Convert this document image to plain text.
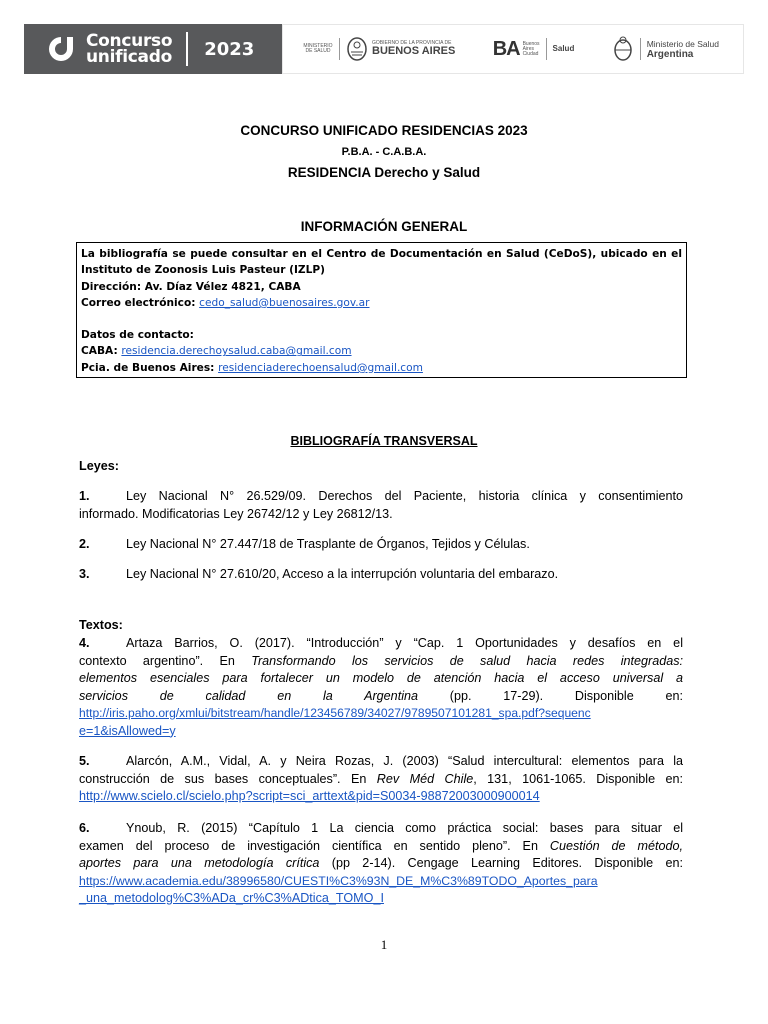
Concurso
unificado 2023	MINISTERIO DE SALUD
GOBIERNO DE LA PROVINCIA DE
BUENOS AIRES BA Buenos
Aires
Ciudad
Salud	Ministerio de Salud
Argentina
CONCURSO UNIFICADO RESIDENCIAS 2023
P.B.A. - C.A.B.A.
RESIDENCIA Derecho y Salud
INFORMACIÓN GENERAL
La bibliografía se puede consultar en el Centro de Documentación en Salud (CeDoS), ubicado en el
Instituto de Zoonosis Luis Pasteur (IZLP)
Dirección: Av. Díaz Vélez 4821, CABA
Correo electrónico: cedo_salud@buenosaires.gov.ar
Datos de contacto:
CABA: residencia.derechoysalud.caba@gmail.com
Pcia. de Buenos Aires: residenciaderechoensalud@gmail.com
BIBLIOGRAFÍA TRANSVERSAL
Leyes:
1.	Ley Nacional N° 26.529/09. Derechos del Paciente, historia clínica y consentimiento
informado. Modificatorias Ley 26742/12 y Ley 26812/13.
2.	Ley Nacional N° 27.447/18 de Trasplante de Órganos, Tejidos y Células.
3.	Ley Nacional N° 27.610/20, Acceso a la interrupción voluntaria del embarazo.
Textos:
4.	Artaza Barrios, O. (2017). “Introducción” y “Cap. 1 Oportunidades y desafíos en el
contexto argentino”. En Transformando los servicios de salud hacia redes integradas:
elementos esenciales para fortalecer un modelo de atención hacia el acceso universal a
servicios de calidad en la Argentina (pp. 17-29). Disponible en:
http://iris.paho.org/xmlui/bitstream/handle/123456789/34027/9789507101281_spa.pdf?sequenc
e=1&isAllowed=y
5.	Alarcón, A.M., Vidal, A. y Neira Rozas, J. (2003) “Salud intercultural: elementos para la
construcción de sus bases conceptuales”. En Rev Méd Chile, 131, 1061-1065. Disponible en:
http://www.scielo.cl/scielo.php?script=sci_arttext&pid=S0034-98872003000900014
6.	Ynoub, R. (2015) “Capítulo 1 La ciencia como práctica social: bases para situar el
examen del proceso de investigación científica en sentido pleno”. En Cuestión de método,
aportes para una metodología crítica (pp 2-14). Cengage Learning Editores. Disponible en:
https://www.academia.edu/38996580/CUESTI%C3%93N_DE_M%C3%89TODO_Aportes_para
_una_metodolog%C3%ADa_cr%C3%ADtica_TOMO_I
1
